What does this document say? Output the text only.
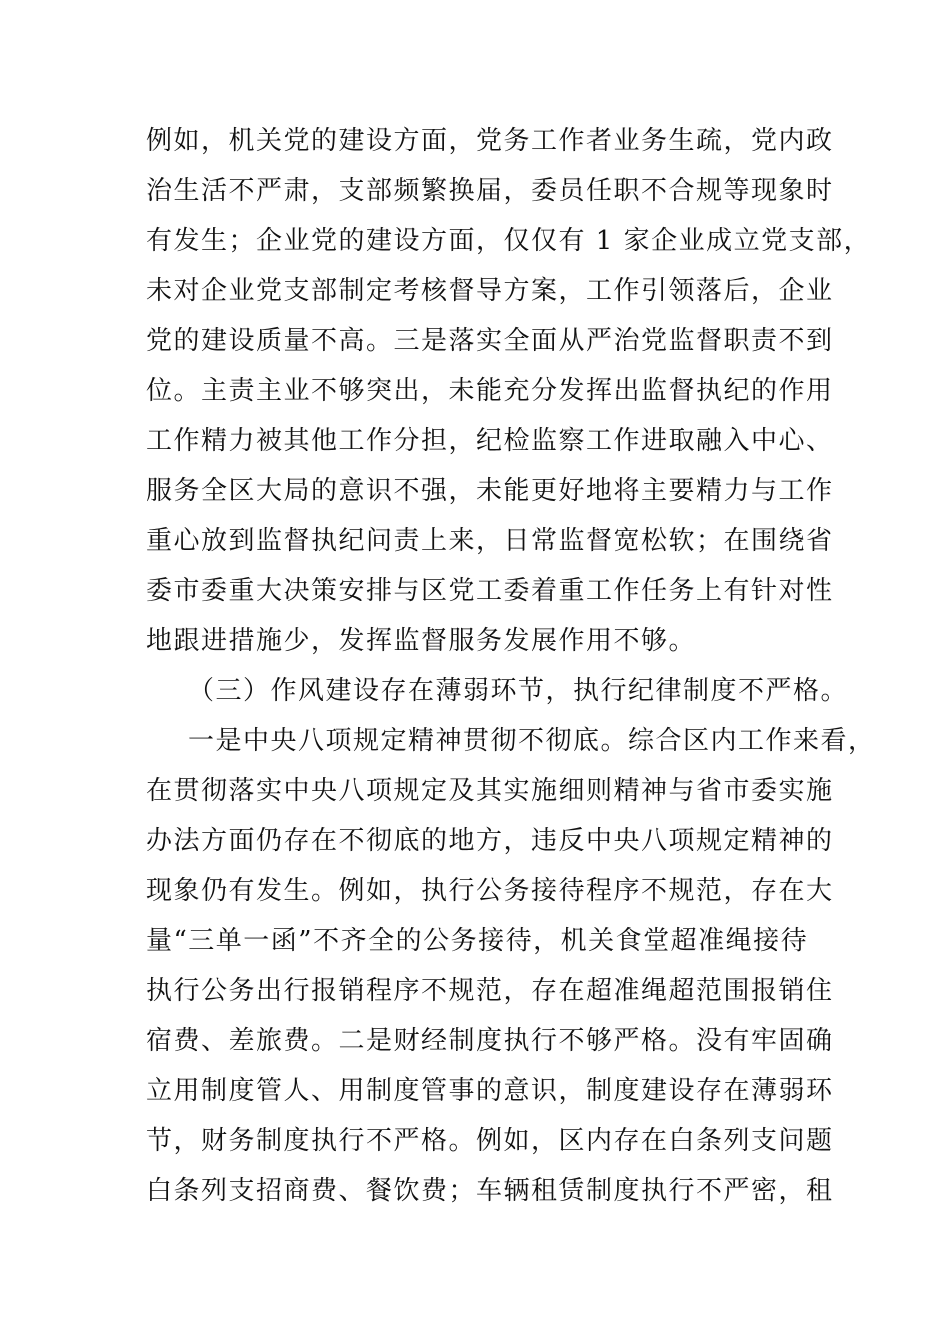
例如，机关党的建设方面，党务工作者业务生疏，党内政
治生活不严肃，支部频繁换届，委员任职不合规等现象时
有发生；企业党的建设方面，仅仅有 1 家企业成立党支部，
未对企业党支部制定考核督导方案，工作引领落后，企业
党的建设质量不高。三是落实全面从严治党监督职责不到
位。主责主业不够突出，未能充分发挥出监督执纪的作用
工作精力被其他工作分担，纪检监察工作进取融入中心、
服务全区大局的意识不强，未能更好地将主要精力与工作
重心放到监督执纪问责上来，日常监督宽松软；在围绕省
委市委重大决策安排与区党工委着重工作任务上有针对性
地跟进措施少，发挥监督服务发展作用不够。
（三）作风建设存在薄弱环节，执行纪律制度不严格。
一是中央八项规定精神贯彻不彻底。综合区内工作来看，
在贯彻落实中央八项规定及其实施细则精神与省市委实施
办法方面仍存在不彻底的地方，违反中央八项规定精神的
现象仍有发生。例如，执行公务接待程序不规范，存在大
量“三单一函”不齐全的公务接待，机关食堂超准绳接待
执行公务出行报销程序不规范，存在超准绳超范围报销住
宿费、差旅费。二是财经制度执行不够严格。没有牢固确
立用制度管人、用制度管事的意识，制度建设存在薄弱环
节，财务制度执行不严格。例如，区内存在白条列支问题
白条列支招商费、餐饮费；车辆租赁制度执行不严密，租
